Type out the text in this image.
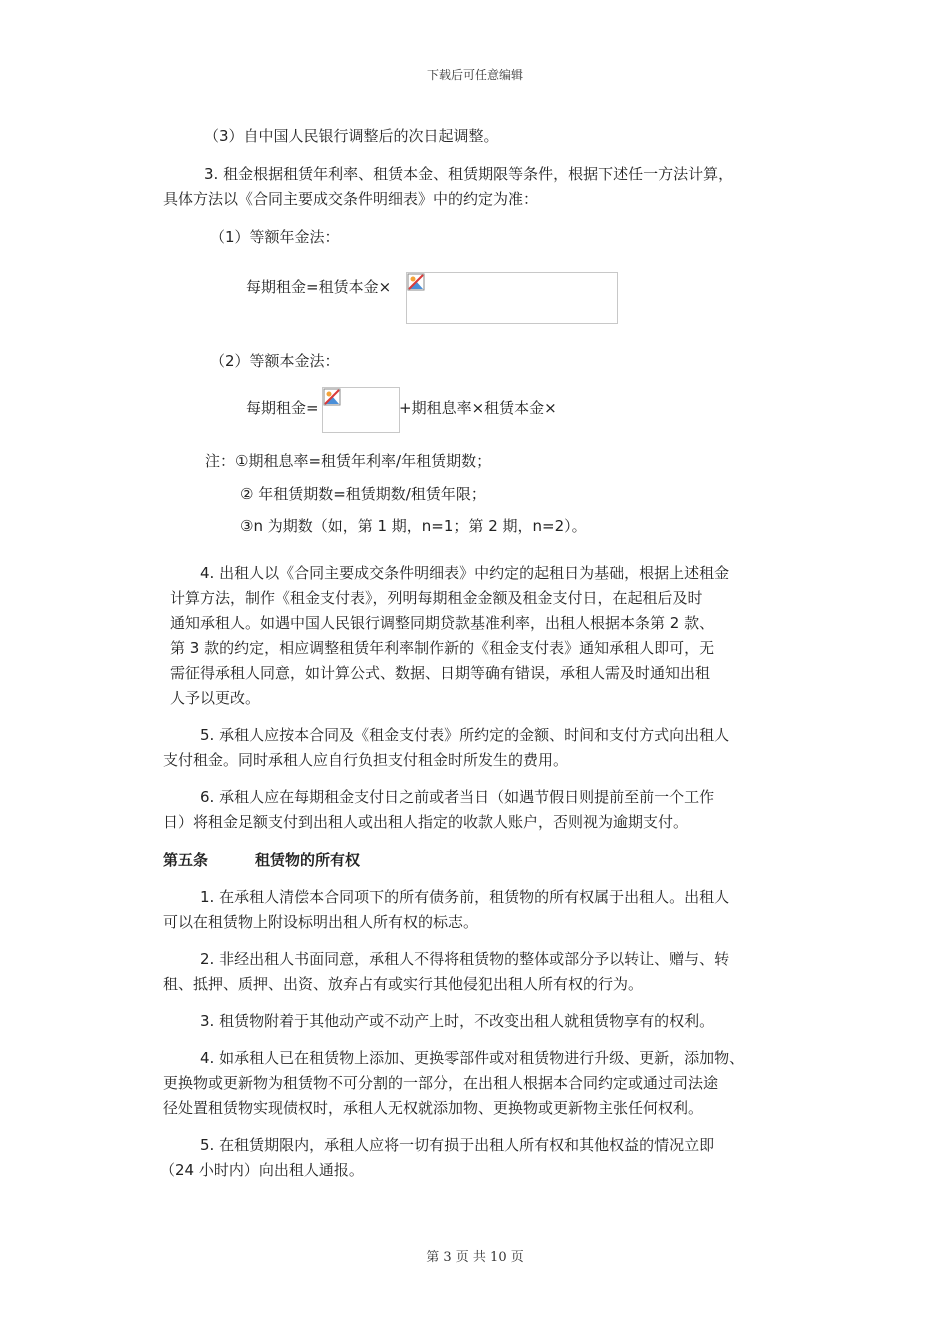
下载后可任意编辑
（3）自中国人民银行调整后的次日起调整。
3. 租金根据租赁年利率、租赁本金、租赁期限等条件，根据下述任一方法计算，
具体方法以《合同主要成交条件明细表》中的约定为准：
（1）等额年金法：
每期租金=租赁本金×
（2）等额本金法：
每期租金=	+期租息率×租赁本金×
注：①期租息率=租赁年利率/年租赁期数；
② 年租赁期数=租赁期数/租赁年限；
③n 为期数（如，第 1 期，n=1；第 2 期，n=2）。
4. 出租人以《合同主要成交条件明细表》中约定的起租日为基础，根据上述租金
计算方法，制作《租金支付表》，列明每期租金金额及租金支付日，在起租后及时
通知承租人。如遇中国人民银行调整同期贷款基准利率，出租人根据本条第 2 款、
第 3 款的约定，相应调整租赁年利率制作新的《租金支付表》通知承租人即可，无
需征得承租人同意，如计算公式、数据、日期等确有错误，承租人需及时通知出租
人予以更改。
5. 承租人应按本合同及《租金支付表》所约定的金额、时间和支付方式向出租人
支付租金。同时承租人应自行负担支付租金时所发生的费用。
6. 承租人应在每期租金支付日之前或者当日（如遇节假日则提前至前一个工作
日）将租金足额支付到出租人或出租人指定的收款人账户，否则视为逾期支付。
第五条	租赁物的所有权
1. 在承租人清偿本合同项下的所有债务前，租赁物的所有权属于出租人。出租人
可以在租赁物上附设标明出租人所有权的标志。
2. 非经出租人书面同意，承租人不得将租赁物的整体或部分予以转让、赠与、转
租、抵押、质押、出资、放弃占有或实行其他侵犯出租人所有权的行为。
3. 租赁物附着于其他动产或不动产上时，不改变出租人就租赁物享有的权利。
4. 如承租人已在租赁物上添加、更换零部件或对租赁物进行升级、更新，添加物、
更换物或更新物为租赁物不可分割的一部分，在出租人根据本合同约定或通过司法途
径处置租赁物实现债权时，承租人无权就添加物、更换物或更新物主张任何权利。
5. 在租赁期限内，承租人应将一切有损于出租人所有权和其他权益的情况立即
（24 小时内）向出租人通报。
第 3 页 共 10 页
